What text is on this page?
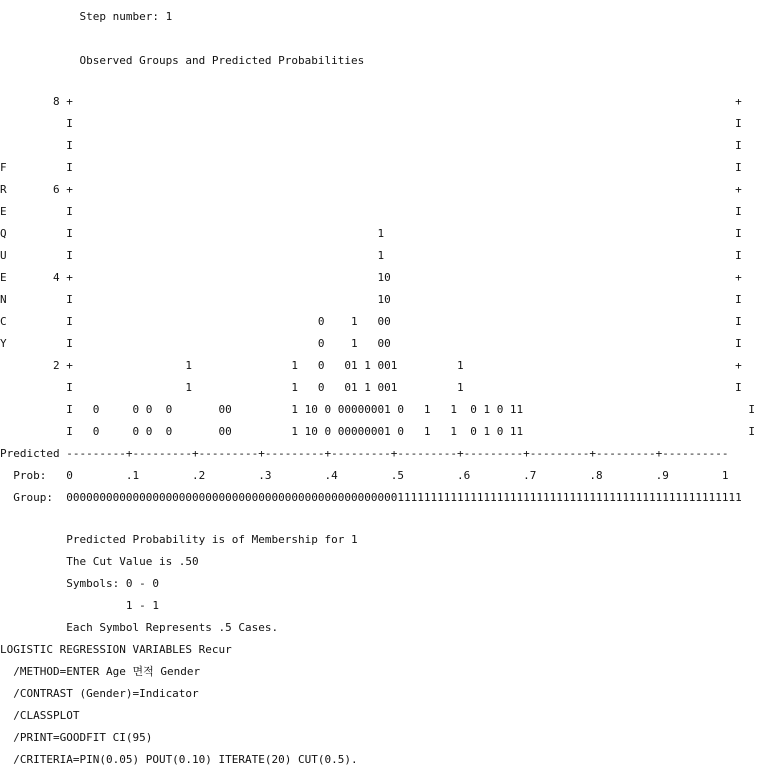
Step number: 1
Observed Groups and Predicted Probabilities
8 +                                                                                                    +
I                                                                                                    I
I                                                                                                    I
F         I                                                                                                    I
R       6 +                                                                                                    +
E         I                                                                                                    I
Q         I                                              1                                                     I
U         I                                              1                                                     I
E       4 +                                              10                                                    +
N         I                                              10                                                    I
C         I                                     0    1   00                                                    I
Y         I                                     0    1   00                                                    I
2 +                 1               1   0   01 1 001         1                                         +
I                 1               1   0   01 1 001         1                                         I
I   0     0 0  0       00         1 10 0 00000001 0   1   1  0 1 0 11                                  I
I   0     0 0  0       00         1 10 0 00000001 0   1   1  0 1 0 11                                  I
Predicted ---------+---------+---------+---------+---------+---------+---------+---------+---------+----------
Prob:   0        .1        .2        .3        .4        .5        .6        .7        .8        .9        1
Group:  000000000000000000000000000000000000000000000000001111111111111111111111111111111111111111111111111111
Predicted Probability is of Membership for 1
The Cut Value is .50
Symbols: 0 - 0
1 - 1
Each Symbol Represents .5 Cases.
LOGISTIC REGRESSION VARIABLES Recur
/METHOD=ENTER Age 면적 Gender
/CONTRAST (Gender)=Indicator
/CLASSPLOT
/PRINT=GOODFIT CI(95)
/CRITERIA=PIN(0.05) POUT(0.10) ITERATE(20) CUT(0.5).
